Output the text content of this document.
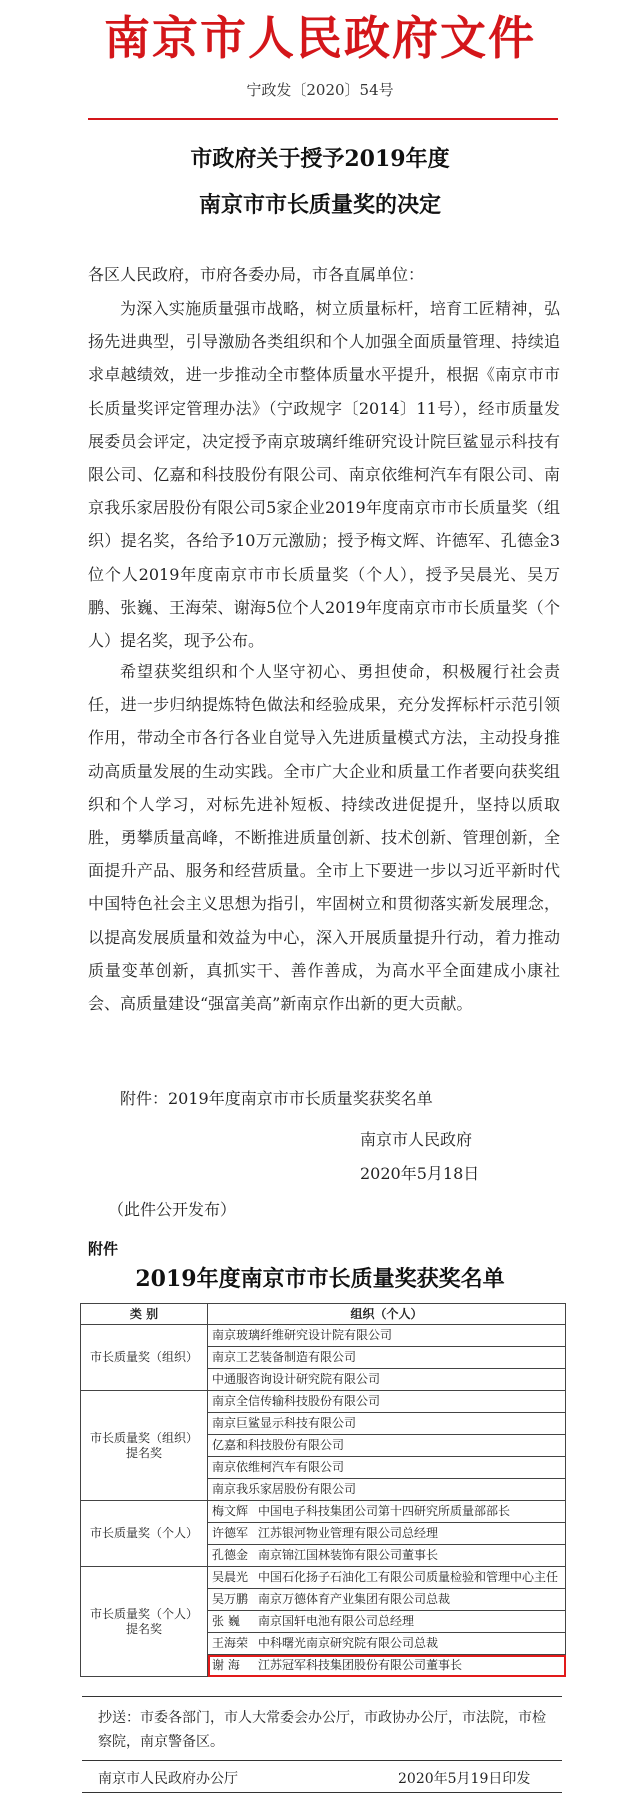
南京市人民政府文件
宁政发〔2020〕54号
市政府关于授予2019年度
南京市市长质量奖的决定
各区人民政府，市府各委办局，市各直属单位：

为深入实施质量强市战略，树立质量标杆，培育工匠精神，弘扬先进典型，引导激励各类组织和个人加强全面质量管理、持续追求卓越绩效，进一步推动全市整体质量水平提升，根据《南京市市长质量奖评定管理办法》（宁政规字〔2014〕11号），经市质量发展委员会评定，决定授予南京玻璃纤维研究设计院巨鲨显示科技有限公司、亿嘉和科技股份有限公司、南京依维柯汽车有限公司、南京我乐家居股份有限公司5家企业2019年度南京市市长质量奖（组织）提名奖，各给予10万元激励；授予梅文辉、许德军、孔德金3位个人2019年度南京市市长质量奖（个人），授予吴晨光、吴万鹏、张巍、王海荣、谢海5位个人2019年度南京市市长质量奖（个人）提名奖，现予公布。

希望获奖组织和个人坚守初心、勇担使命，积极履行社会责任，进一步归纳提炼特色做法和经验成果，充分发挥标杆示范引领作用，带动全市各行各业自觉导入先进质量模式方法，主动投身推动高质量发展的生动实践。全市广大企业和质量工作者要向获奖组织和个人学习，对标先进补短板、持续改进促提升，坚持以质取胜，勇攀质量高峰，不断推进质量创新、技术创新、管理创新，全面提升产品、服务和经营质量。全市上下要进一步以习近平新时代中国特色社会主义思想为指引，牢固树立和贯彻落实新发展理念，以提高发展质量和效益为中心，深入开展质量提升行动，着力推动质量变革创新，真抓实干、善作善成，为高水平全面建成小康社会、高质量建设“强富美高”新南京作出新的更大贡献。

附件：2019年度南京市市长质量奖获奖名单
南京市人民政府
2020年5月18日
（此件公开发布）
附件
2019年度南京市市长质量奖获奖名单
类 别	组织（个人）
市长质量奖（组织）	南京玻璃纤维研究设计院有限公司
	南京工艺装备制造有限公司
	中通服咨询设计研究院有限公司
市长质量奖（组织）提名奖	南京全信传输科技股份有限公司
	南京巨鲨显示科技有限公司
	亿嘉和科技股份有限公司
	南京依维柯汽车有限公司
	南京我乐家居股份有限公司
市长质量奖（个人）	梅文辉 中国电子科技集团公司第十四研究所质量部部长
	许德军 江苏银河物业管理有限公司总经理
	孔德金 南京锦江国林装饰有限公司董事长
市长质量奖（个人）提名奖	吴晨光 中国石化扬子石油化工有限公司质量检验和管理中心主任
	吴万鹏 南京万德体育产业集团有限公司总裁
	张 巍 南京国轩电池有限公司总经理
	王海荣 中科曙光南京研究院有限公司总裁
	谢 海 江苏冠军科技集团股份有限公司董事长
抄送：市委各部门，市人大常委会办公厅，市政协办公厅，市法院，市检察院，南京警备区。
南京市人民政府办公厅	2020年5月19日印发
